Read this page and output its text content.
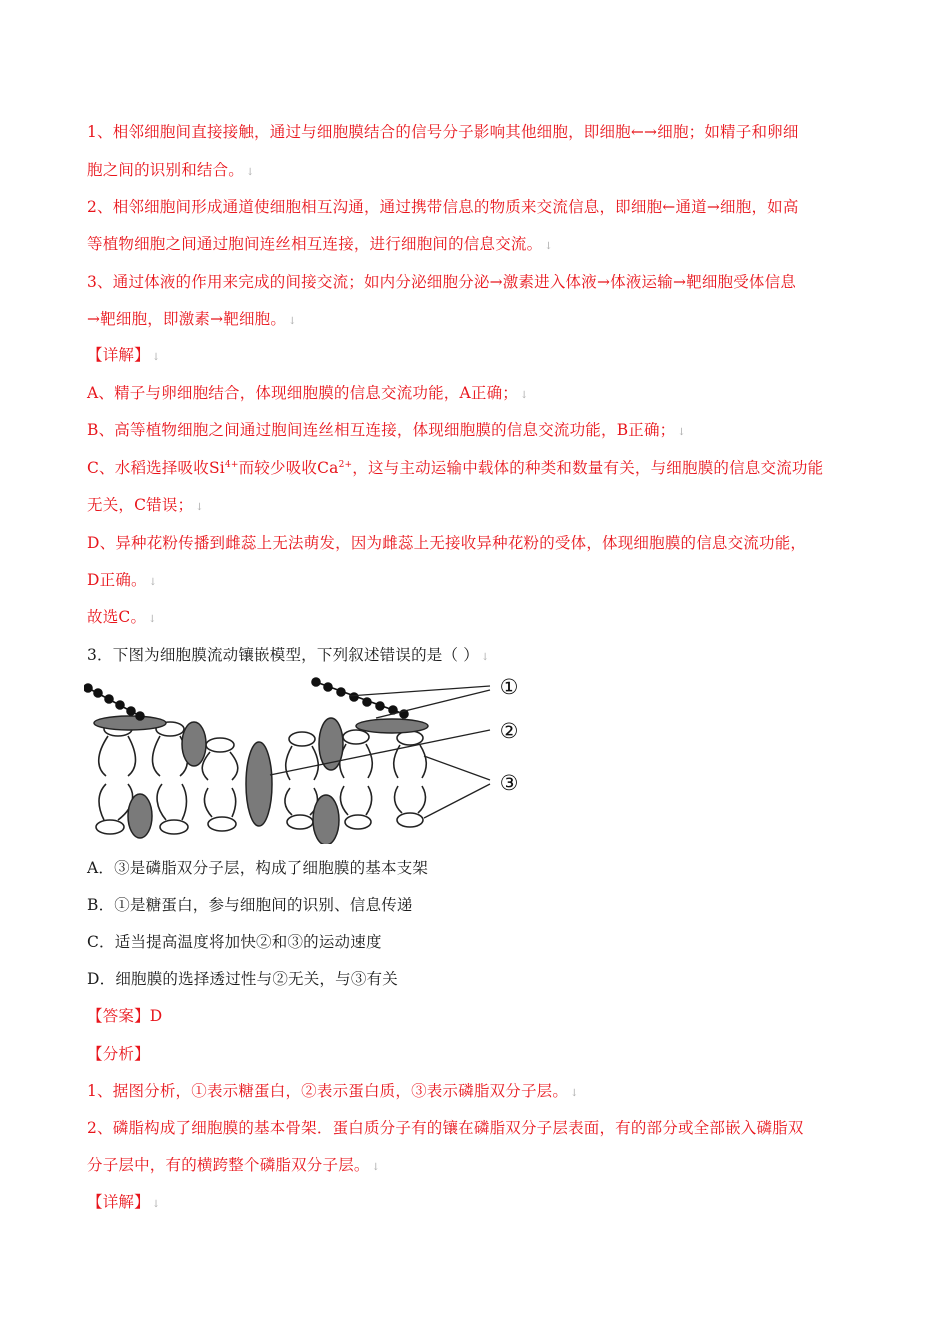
1、相邻细胞间直接接触，通过与细胞膜结合的信号分子影响其他细胞，即细胞←→细胞；如精子和卵细
胞之间的识别和结合。 ↓
2、相邻细胞间形成通道使细胞相互沟通，通过携带信息的物质来交流信息，即细胞←通道→细胞，如高
等植物细胞之间通过胞间连丝相互连接，进行细胞间的信息交流。 ↓
3、通过体液的作用来完成的间接交流；如内分泌细胞分泌→激素进入体液→体液运输→靶细胞受体信息
→靶细胞，即激素→靶细胞。 ↓
【详解】 ↓
A、精子与卵细胞结合，体现细胞膜的信息交流功能，A正确； ↓
B、高等植物细胞之间通过胞间连丝相互连接，体现细胞膜的信息交流功能，B正确； ↓
C、水稻选择吸收$Si^{4+}$而较少吸收$Ca^{2+}$，这与主动运输中载体的种类和数量有关，与细胞膜的信息交流功能
无关，C错误； ↓
D、异种花粉传播到雌蕊上无法萌发，因为雌蕊上无接收异种花粉的受体，体现细胞膜的信息交流功能，
D正确。 ↓
故选C。 ↓
3．下图为细胞膜流动镶嵌模型，下列叙述错误的是（ ） ↓
①
②
③
A．③是磷脂双分子层，构成了细胞膜的基本支架
B．①是糖蛋白，参与细胞间的识别、信息传递
C．适当提高温度将加快②和③的运动速度
D．细胞膜的选择透过性与②无关，与③有关
【答案】D
【分析】
1、据图分析，①表示糖蛋白，②表示蛋白质，③表示磷脂双分子层。 ↓
2、磷脂构成了细胞膜的基本骨架．蛋白质分子有的镶在磷脂双分子层表面，有的部分或全部嵌入磷脂双
分子层中，有的横跨整个磷脂双分子层。 ↓
【详解】 ↓
